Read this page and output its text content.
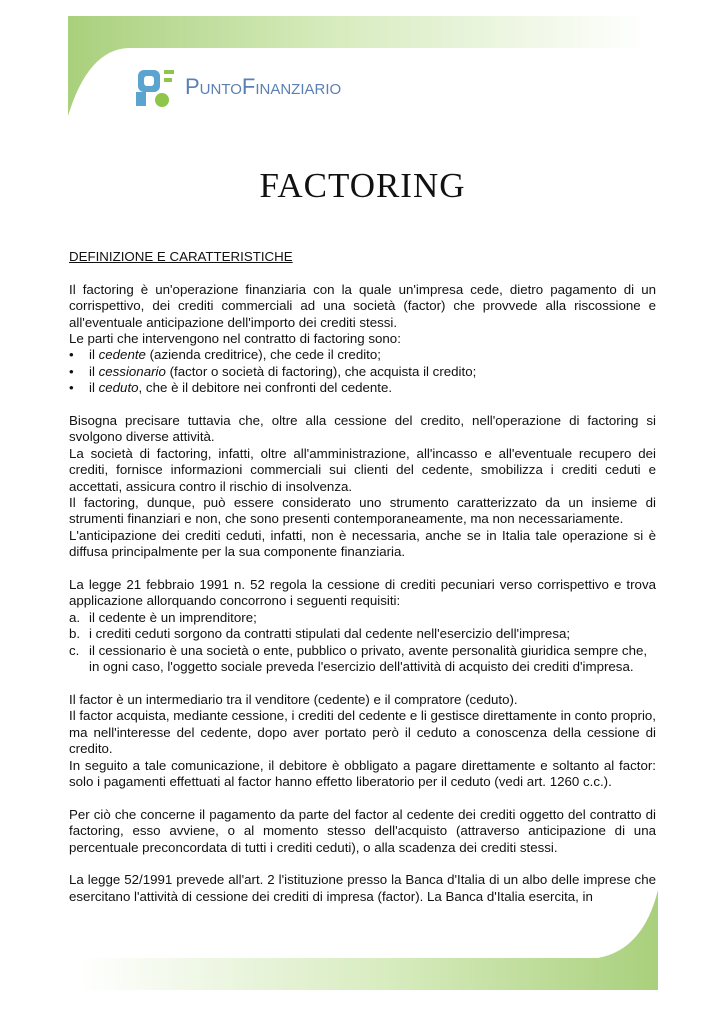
PuntoFinanziario
FACTORING

DEFINIZIONE E CARATTERISTICHE

Il factoring è un'operazione finanziaria con la quale un'impresa cede, dietro pagamento di un corrispettivo, dei crediti commerciali ad una società (factor) che provvede alla riscossione e all'eventuale anticipazione dell'importo dei crediti stessi.

Le parti che intervengono nel contratto di factoring sono:

• il cedente (azienda creditrice), che cede il credito;
• il cessionario (factor o società di factoring), che acquista il credito;
• il ceduto, che è il debitore nei confronti del cedente.

Bisogna precisare tuttavia che, oltre alla cessione del credito, nell'operazione di factoring si svolgono diverse attività.

La società di factoring, infatti, oltre all'amministrazione, all'incasso e all'eventuale recupero dei crediti, fornisce informazioni commerciali sui clienti del cedente, smobilizza i crediti ceduti e accettati, assicura contro il rischio di insolvenza.

Il factoring, dunque, può essere considerato uno strumento caratterizzato da un insieme di strumenti finanziari e non, che sono presenti contemporaneamente, ma non necessariamente.

L'anticipazione dei crediti ceduti, infatti, non è necessaria, anche se in Italia tale operazione si è diffusa principalmente per la sua componente finanziaria.

La legge 21 febbraio 1991 n. 52 regola la cessione di crediti pecuniari verso corrispettivo e trova applicazione allorquando concorrono i seguenti requisiti:

a. il cedente è un imprenditore;
b. i crediti ceduti sorgono da contratti stipulati dal cedente nell'esercizio dell'impresa;
c. il cessionario è una società o ente, pubblico o privato, avente personalità giuridica sempre che, in ogni caso, l'oggetto sociale preveda l'esercizio dell'attività di acquisto dei crediti d'impresa.

Il factor è un intermediario tra il venditore (cedente) e il compratore (ceduto).

Il factor acquista, mediante cessione, i crediti del cedente e li gestisce direttamente in conto proprio, ma nell'interesse del cedente, dopo aver portato però il ceduto a conoscenza della cessione di credito.

In seguito a tale comunicazione, il debitore è obbligato a pagare direttamente e soltanto al factor: solo i pagamenti effettuati al factor hanno effetto liberatorio per il ceduto (vedi art. 1260 c.c.).

Per ciò che concerne il pagamento da parte del factor al cedente dei crediti oggetto del contratto di factoring, esso avviene, o al momento stesso dell'acquisto (attraverso anticipazione di una percentuale preconcordata di tutti i crediti ceduti), o alla scadenza dei crediti stessi.

La legge 52/1991 prevede all'art. 2 l'istituzione presso la Banca d'Italia di un albo delle imprese che esercitano l'attività di cessione dei crediti di impresa (factor). La Banca d'Italia esercita, in
